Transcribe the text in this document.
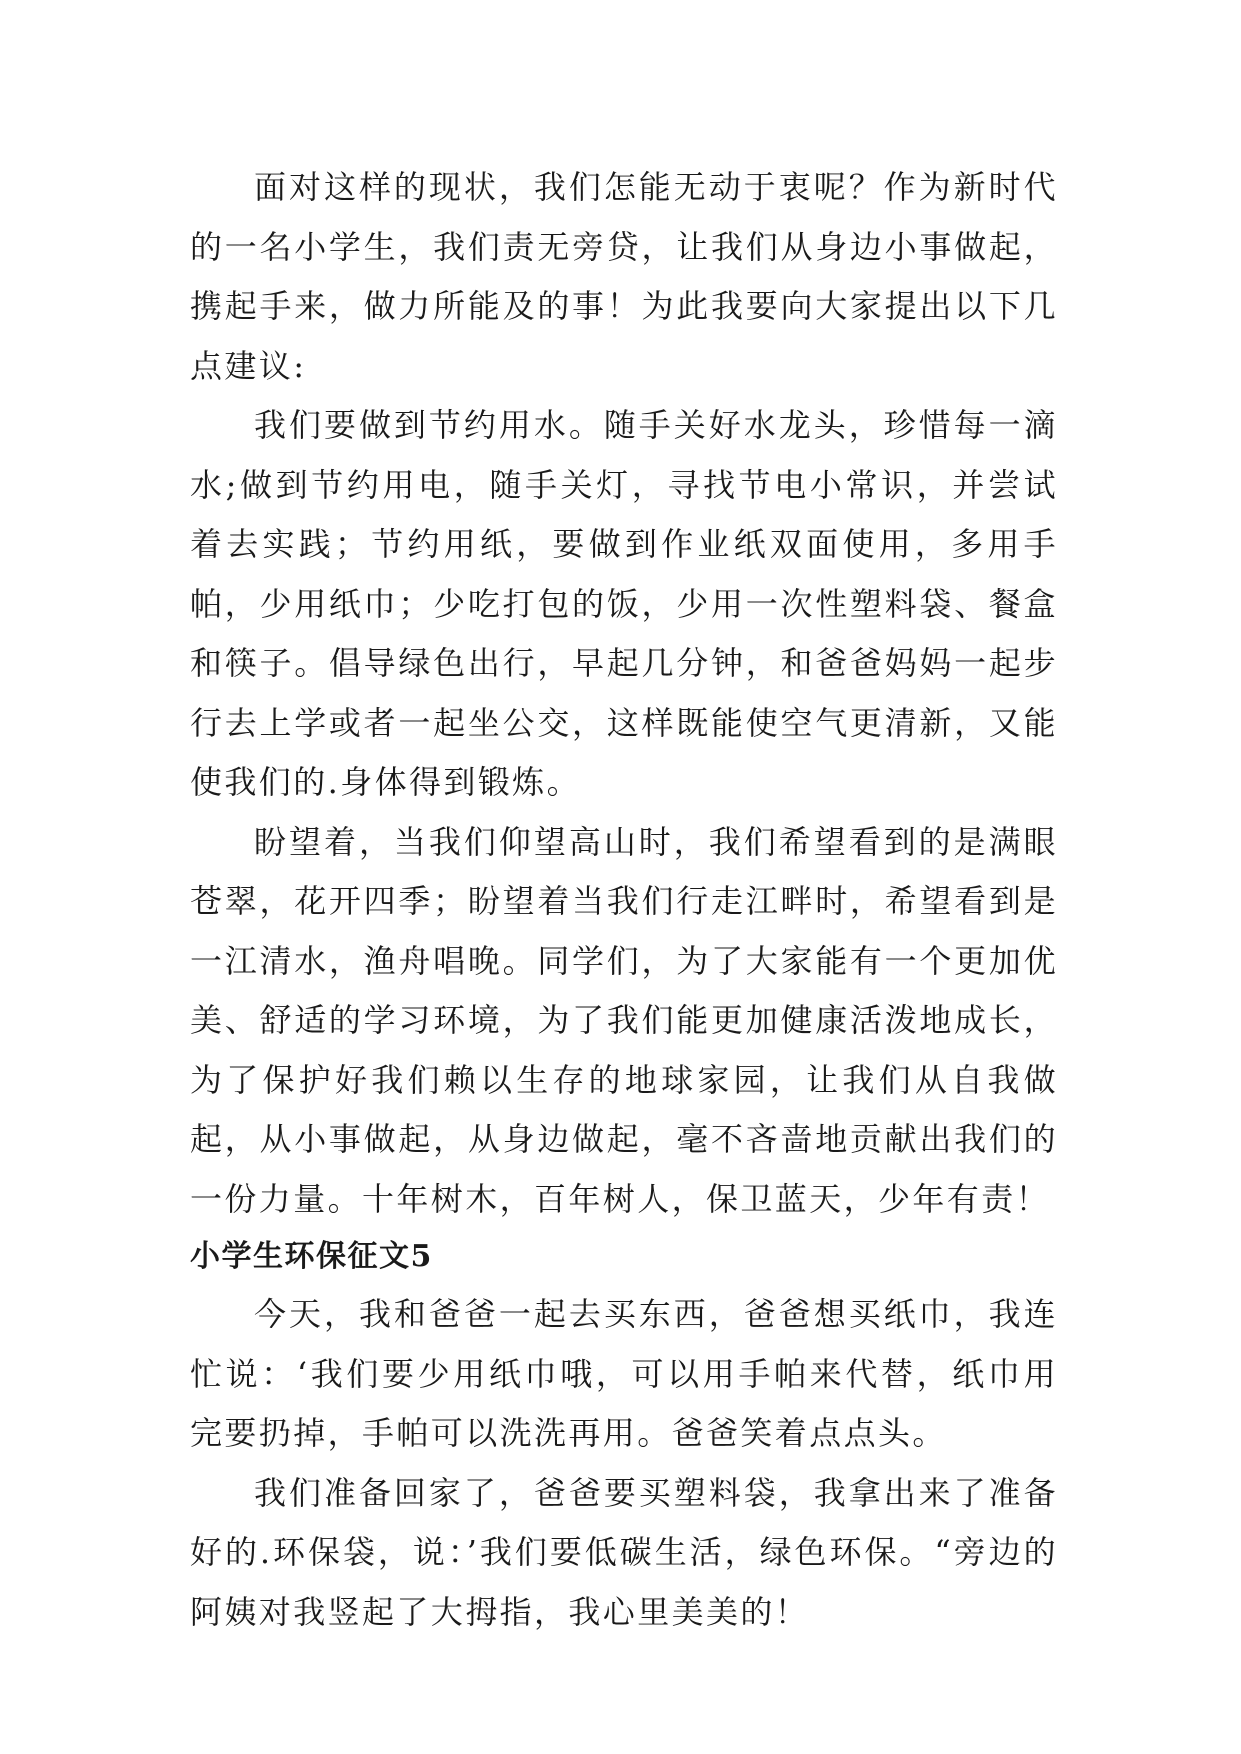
面对这样的现状，我们怎能无动于衷呢？作为新时代的一名小学生，我们责无旁贷，让我们从身边小事做起，携起手来，做力所能及的事！为此我要向大家提出以下几点建议:

我们要做到节约用水。随手关好水龙头，珍惜每一滴水;做到节约用电，随手关灯，寻找节电小常识，并尝试着去实践；节约用纸，要做到作业纸双面使用，多用手帕，少用纸巾；少吃打包的饭，少用一次性塑料袋、餐盒和筷子。倡导绿色出行，早起几分钟，和爸爸妈妈一起步行去上学或者一起坐公交，这样既能使空气更清新，又能使我们的.身体得到锻炼。

盼望着，当我们仰望高山时，我们希望看到的是满眼苍翠，花开四季；盼望着当我们行走江畔时，希望看到是一江清水，渔舟唱晚。同学们，为了大家能有一个更加优美、舒适的学习环境，为了我们能更加健康活泼地成长，为了保护好我们赖以生存的地球家园，让我们从自我做起，从小事做起，从身边做起，毫不吝啬地贡献出我们的一份力量。十年树木，百年树人，保卫蓝天，少年有责！

小学生环保征文5

今天，我和爸爸一起去买东西，爸爸想买纸巾，我连忙说：‘我们要少用纸巾哦，可以用手帕来代替，纸巾用完要扔掉，手帕可以洗洗再用。爸爸笑着点点头。

我们准备回家了，爸爸要买塑料袋，我拿出来了准备好的.环保袋，说：’我们要低碳生活，绿色环保。“旁边的阿姨对我竖起了大拇指，我心里美美的！
